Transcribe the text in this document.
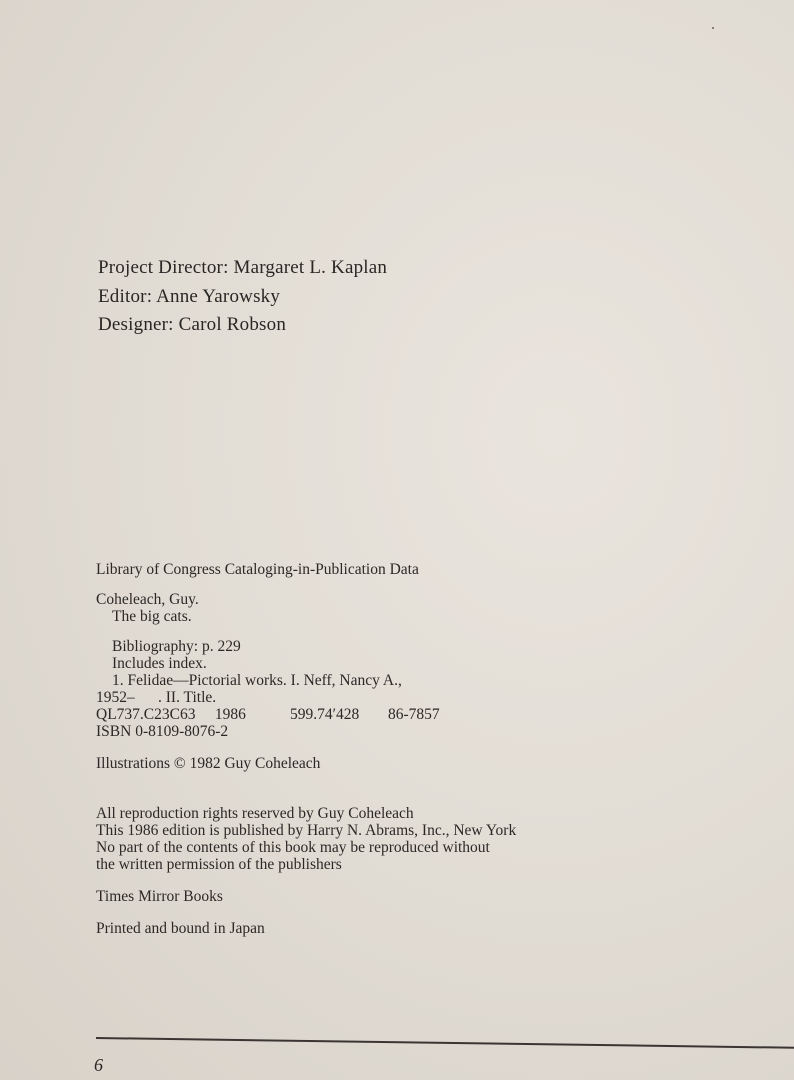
Project Director: Margaret L. Kaplan
Editor: Anne Yarowsky
Designer: Carol Robson
Library of Congress Cataloging-in-Publication Data
Coheleach, Guy.
The big cats.
Bibliography: p. 229
Includes index.
1. Felidae—Pictorial works. I. Neff, Nancy A.,
1952–      . II. Title.
QL737.C23C63 1986	599.74′428 86-7857
ISBN 0-8109-8076-2
Illustrations © 1982 Guy Coheleach
All reproduction rights reserved by Guy Coheleach
This 1986 edition is published by Harry N. Abrams, Inc., New York
No part of the contents of this book may be reproduced without
the written permission of the publishers
Times Mirror Books
Printed and bound in Japan
6
